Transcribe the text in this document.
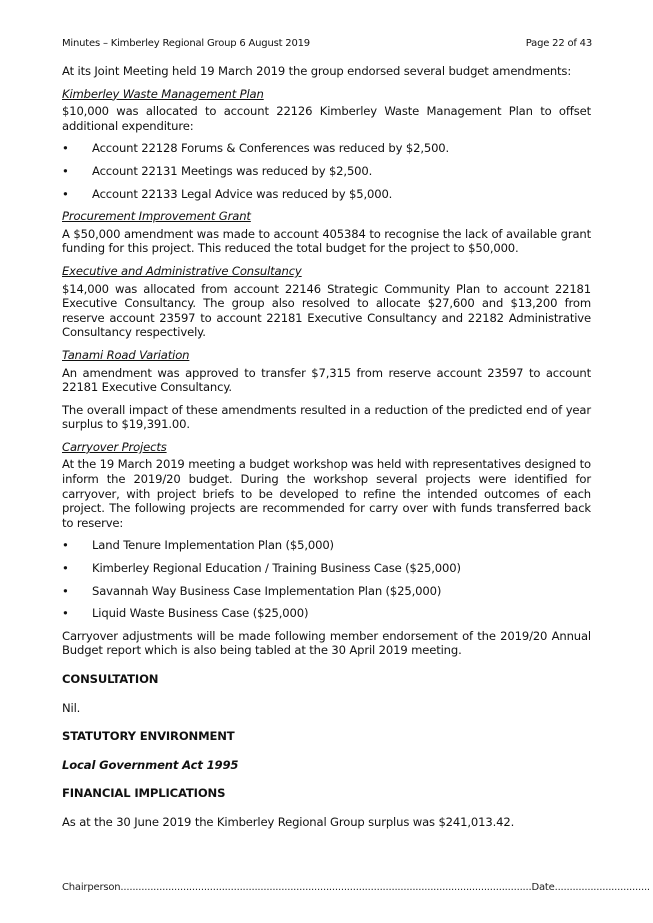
Minutes – Kimberley Regional Group 6 August 2019	Page 22 of 43

At its Joint Meeting held 19 March 2019 the group endorsed several budget amendments:

Kimberley Waste Management Plan

$10,000 was allocated to account 22126 Kimberley Waste Management Plan to offset additional expenditure:

• Account 22128 Forums & Conferences was reduced by $2,500.
• Account 22131 Meetings was reduced by $2,500.
• Account 22133 Legal Advice was reduced by $5,000.
Procurement Improvement Grant

A $50,000 amendment was made to account 405384 to recognise the lack of available grant funding for this project. This reduced the total budget for the project to $50,000.

Executive and Administrative Consultancy

$14,000 was allocated from account 22146 Strategic Community Plan to account 22181 Executive Consultancy. The group also resolved to allocate $27,600 and $13,200 from reserve account 23597 to account 22181 Executive Consultancy and 22182 Administrative Consultancy respectively.

Tanami Road Variation

An amendment was approved to transfer $7,315 from reserve account 23597 to account 22181 Executive Consultancy.

The overall impact of these amendments resulted in a reduction of the predicted end of year surplus to $19,391.00.

Carryover Projects

At the 19 March 2019 meeting a budget workshop was held with representatives designed to inform the 2019/20 budget. During the workshop several projects were identified for carryover, with project briefs to be developed to refine the intended outcomes of each project. The following projects are recommended for carry over with funds transferred back to reserve:

• Land Tenure Implementation Plan ($5,000)
• Kimberley Regional Education / Training Business Case ($25,000)
• Savannah Way Business Case Implementation Plan ($25,000)
• Liquid Waste Business Case ($25,000)

Carryover adjustments will be made following member endorsement of the 2019/20 Annual Budget report which is also being tabled at the 30 April 2019 meeting.

CONSULTATION

Nil.

STATUTORY ENVIRONMENT
Local Government Act 1995
FINANCIAL IMPLICATIONS

As at the 30 June 2019 the Kimberley Regional Group surplus was $241,013.42.

Chairperson..........................................................................................................................................Date................................
